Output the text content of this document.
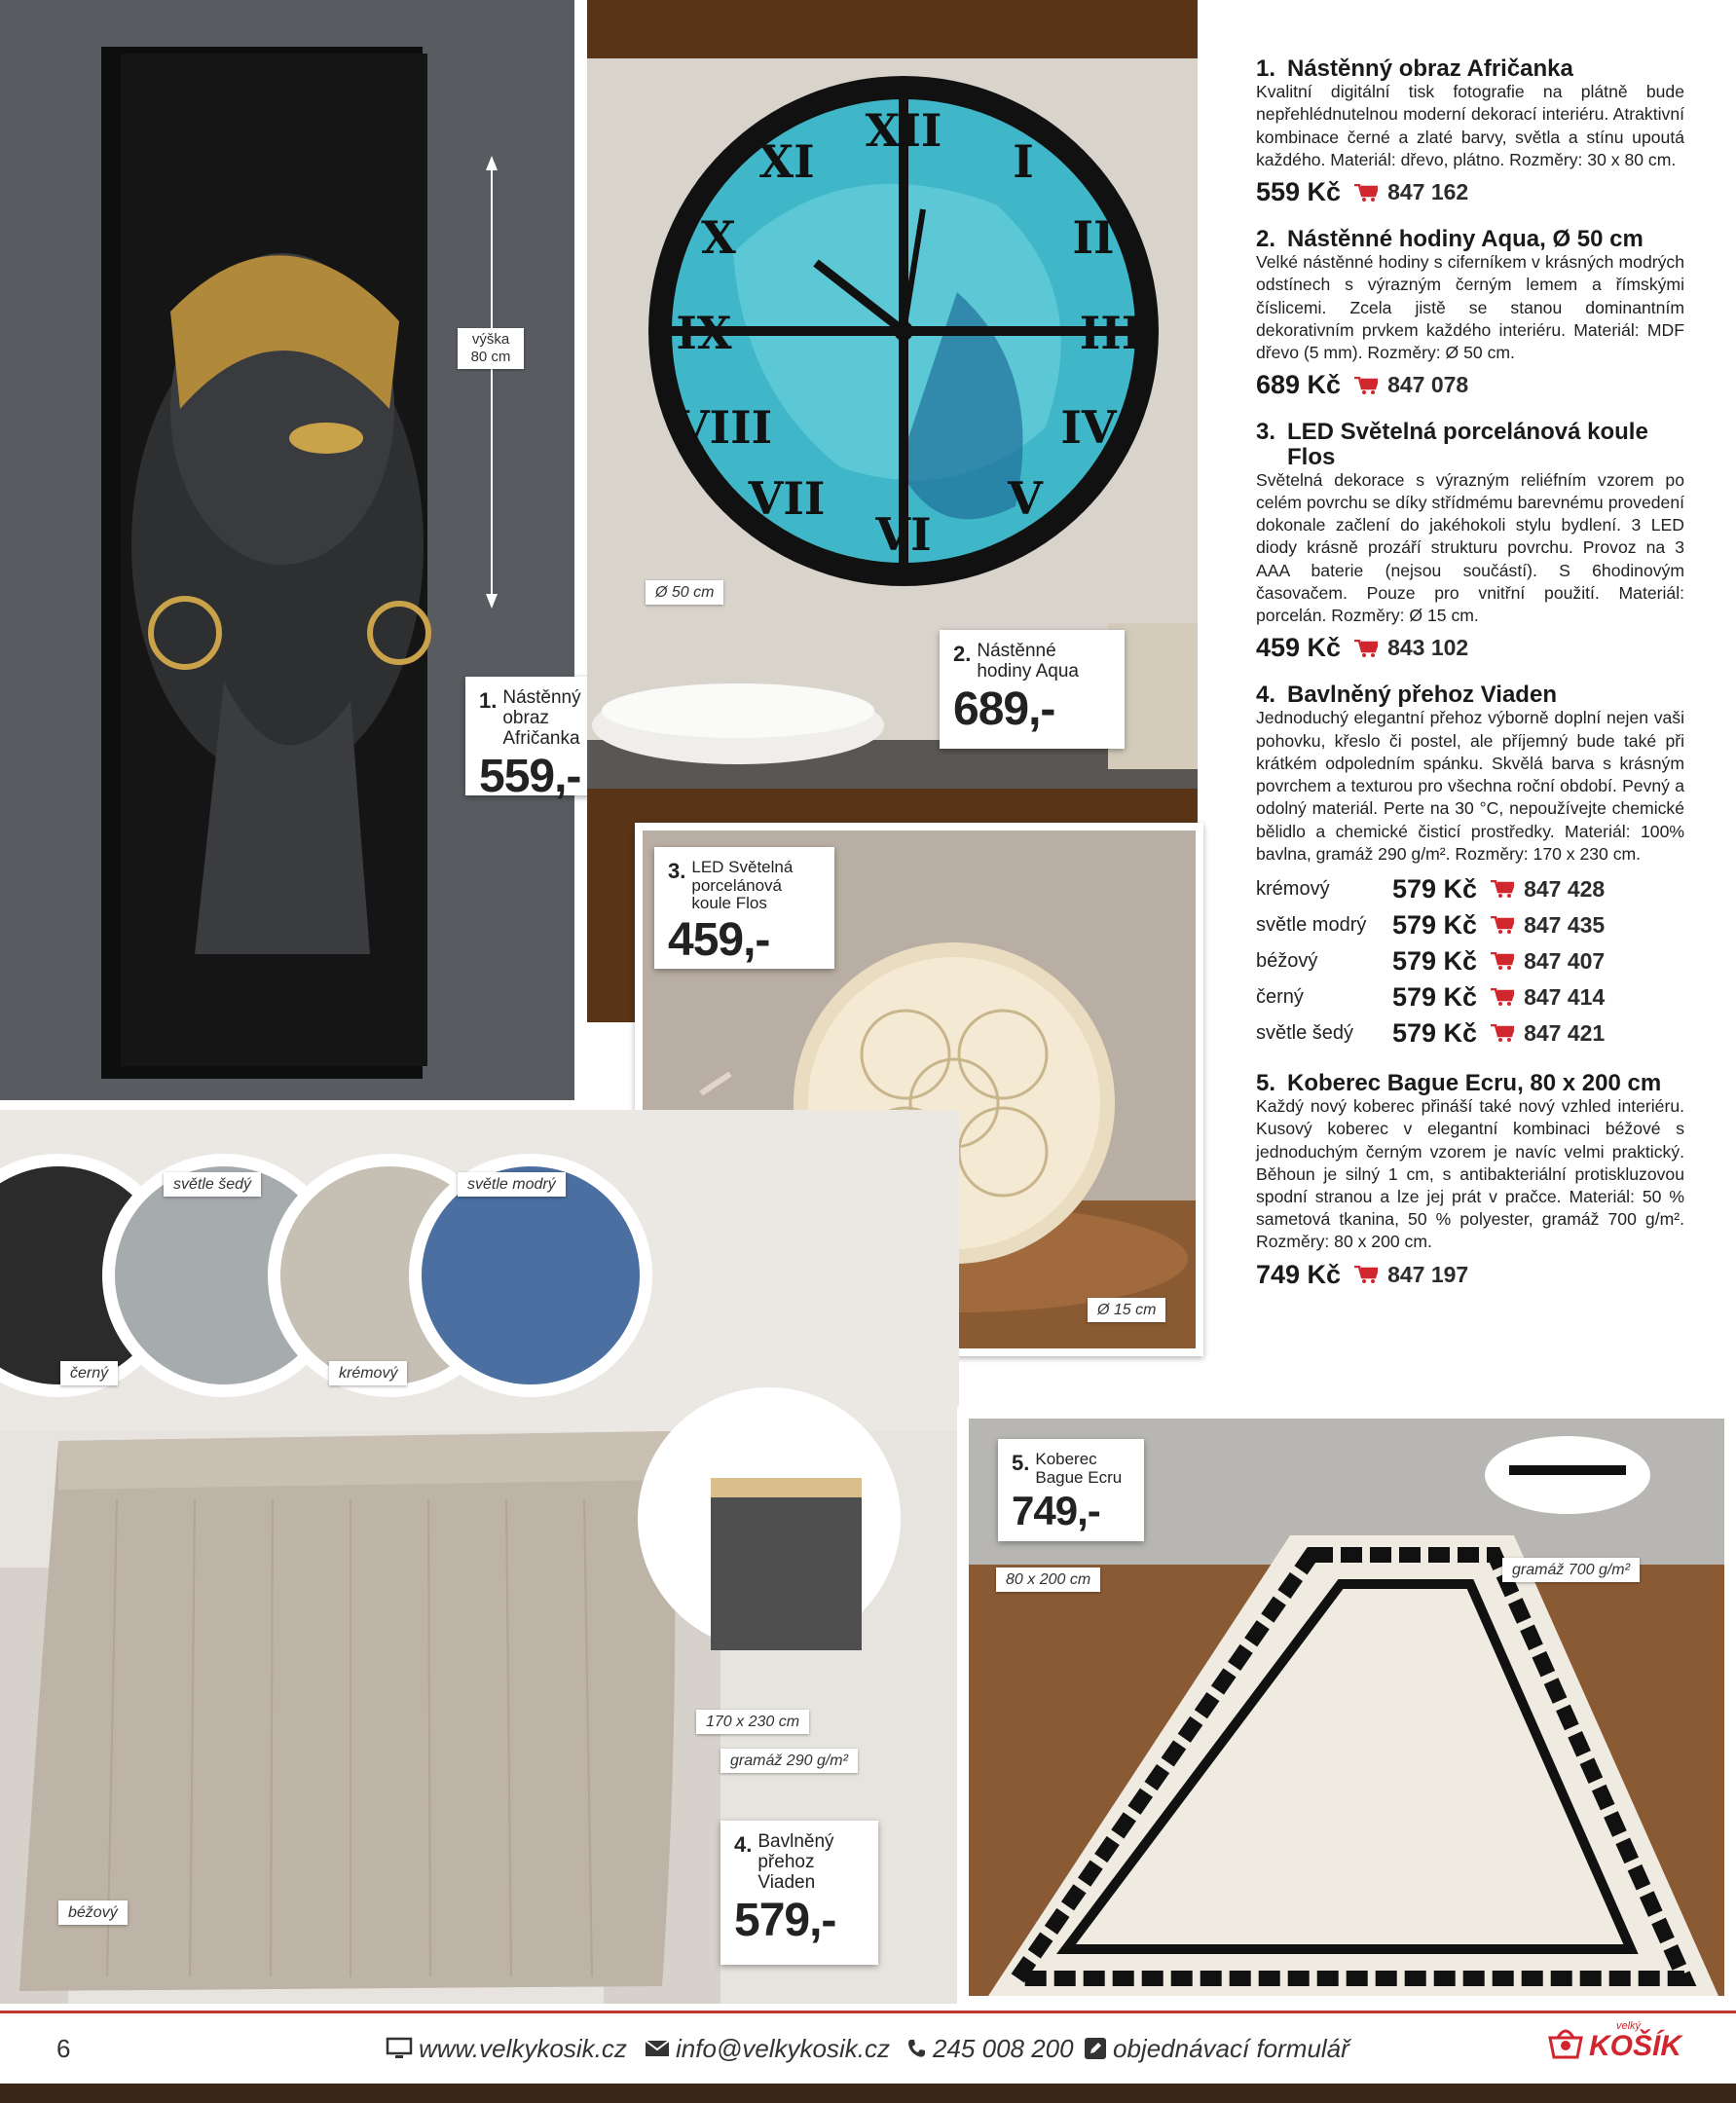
výška 80 cm
1. Nástěnný obraz Afričanka
559,-
XII
I
II
III
IV
V
VI
VII
VIII
IX
X
XI
Ø 50 cm
2. Nástěnné hodiny Aqua
689,-
Ø 15 cm
3. LED Světelná porcelánová koule Flos
459,-
světle šedý	světle modrý
černý	krémový
béžový
170 x 230 cm
gramáž 290 g/m²
4. Bavlněný přehoz Viaden
579,-
80 x 200 cm
gramáž 700 g/m²
5. Koberec Bague Ecru
749,-
1. Nástěnný obraz Afričanka

Kvalitní digitální tisk fotografie na plátně bude nepřehlédnutelnou moderní dekorací interiéru. Atraktivní kombinace černé a zlaté barvy, světla a stínu upoutá každého. Materiál: dřevo, plátno. Rozměry: 30 x 80 cm.

559 Kč 847 162
2. Nástěnné hodiny Aqua, Ø 50 cm

Velké nástěnné hodiny s ciferníkem v krásných modrých odstínech s výrazným černým lemem a římskými číslicemi. Zcela jistě se stanou dominantním dekorativním prvkem každého interiéru. Materiál: MDF dřevo (5 mm). Rozměry: Ø 50 cm.

689 Kč 847 078
3. LED Světelná porcelánová koule Flos

Světelná dekorace s výrazným reliéfním vzorem po celém povrchu se díky střídmému barevnému provedení dokonale začlení do jakéhokoli stylu bydlení. 3 LED diody krásně prozáří strukturu povrchu. Provoz na 3 AAA baterie (nejsou součástí). S 6hodinovým časovačem. Pouze pro vnitřní použití. Materiál: porcelán. Rozměry: Ø 15 cm.

459 Kč 843 102
4. Bavlněný přehoz Viaden

Jednoduchý elegantní přehoz výborně doplní nejen vaši pohovku, křeslo či postel, ale příjemný bude také při krátkém odpoledním spánku. Skvělá barva s krásným povrchem a texturou pro všechna roční období. Pevný a odolný materiál. Perte na 30 °C, nepoužívejte chemické bělidlo a chemické čisticí prostředky. Materiál: 100% bavlna, gramáž 290 g/m². Rozměry: 170 x 230 cm.

krémový	579 Kč 847 428
světle modrý 579 Kč 847 435
béžový	579 Kč 847 407
černý	579 Kč 847 414
světle šedý	579 Kč 847 421
5. Koberec Bague Ecru, 80 x 200 cm

Každý nový koberec přináší také nový vzhled interiéru. Kusový koberec v elegantní kombinaci béžové s jednoduchým černým vzorem je navíc velmi praktický. Běhoun je silný 1 cm, s antibakteriální protiskluzovou spodní stranou a lze jej prát v pračce. Materiál: 50 % sametová tkanina, 50 % polyester, gramáž 700 g/m². Rozměry: 80 x 200 cm.

749 Kč 847 197
6	www.velkykosik.cz info@velkykosik.cz 245 008 200 objednávací formulář
velký
KOŠÍK
